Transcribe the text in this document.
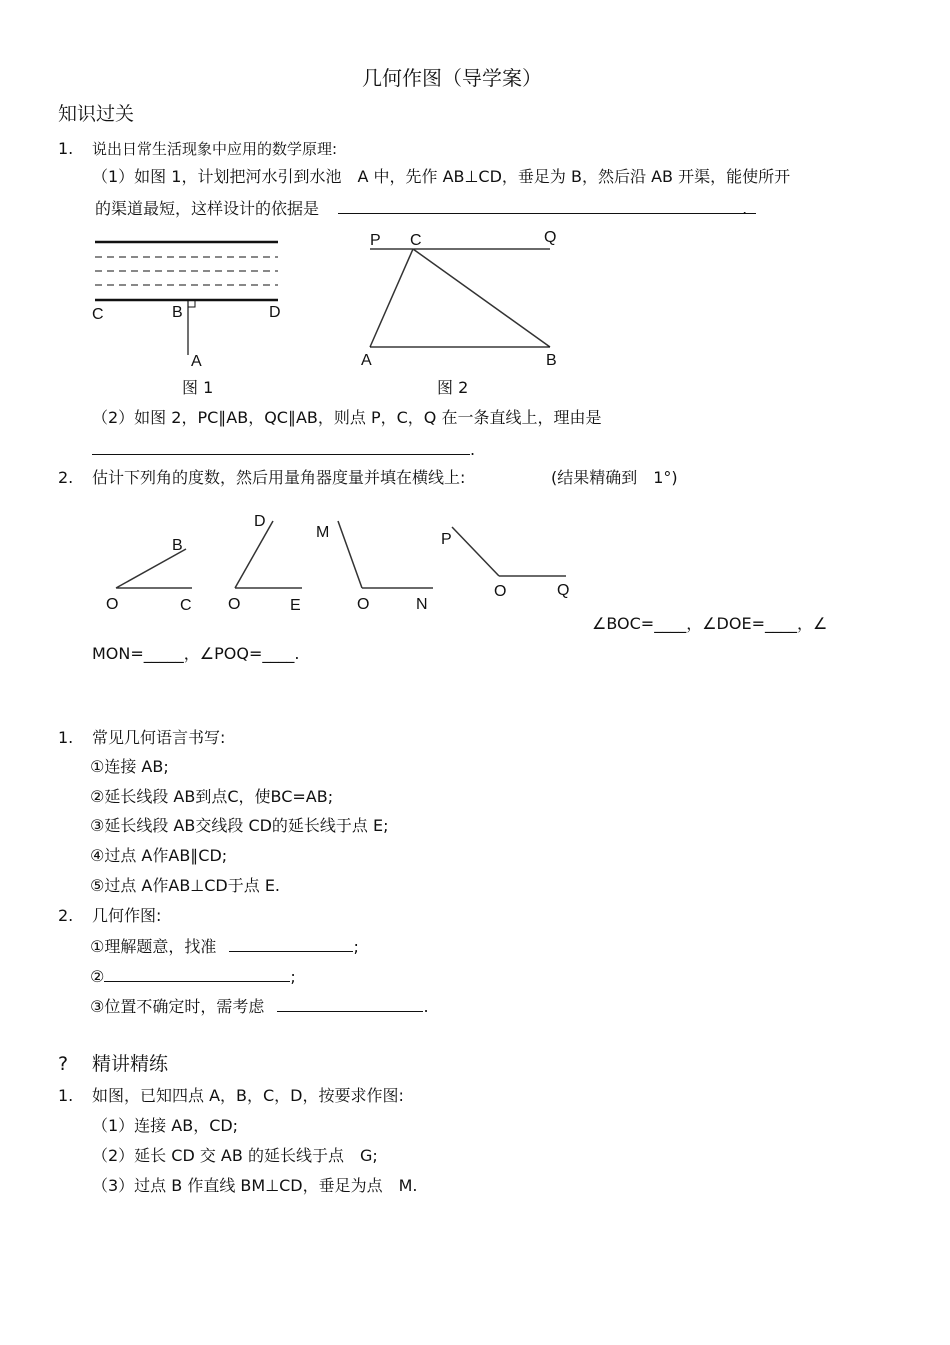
几何作图（导学案）
知识过关
1. 说出日常生活现象中应用的数学原理:
（1）如图 1，计划把河水引到水池　A 中，先作 AB⊥CD，垂足为 B，然后沿 AB 开渠，能使所开
的渠道最短，这样设计的依据是	.
C	B	D
A
P C	Q
A	B
B
O	C
D
O	E
M
O	N
P
O	Q
图 1	图 2
（2）如图 2，PC∥AB，QC∥AB，则点 P，C，Q 在一条直线上，理由是
.
2. 估计下列角的度数，然后用量角器度量并填在横线上:	(结果精确到　1°)
∠BOC=____，∠DOE=____，∠
MON=_____，∠POQ=____.
1. 常见几何语言书写:
①连接 AB;
②延长线段 AB到点C，使BC=AB;
③延长线段 AB交线段 CD的延长线于点 E;
④过点 A作AB∥CD;
⑤过点 A作AB⊥CD于点 E.
2. 几何作图:
①理解题意，找准	;
②	;
③位置不确定时，需考虑	.
? 精讲精练
1. 如图，已知四点 A，B，C，D，按要求作图:
（1）连接 AB，CD;
（2）延长 CD 交 AB 的延长线于点　G;
（3）过点 B 作直线 BM⊥CD，垂足为点　M.
